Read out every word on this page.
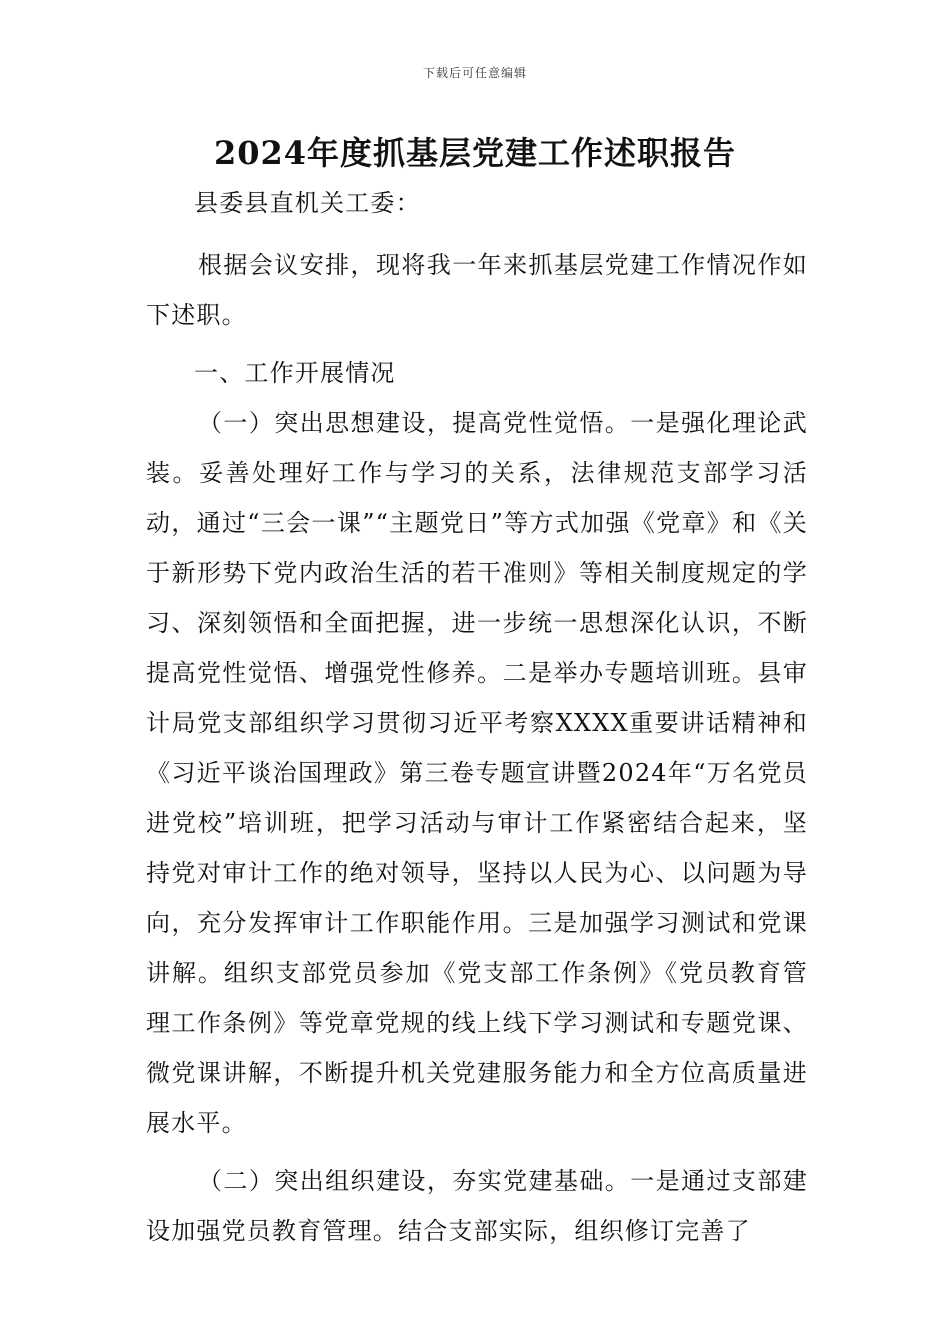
下载后可任意编辑
2024年度抓基层党建工作述职报告

县委县直机关工委：

根据会议安排，现将我一年来抓基层党建工作情况作如下述职。

一、工作开展情况

（一）突出思想建设，提高党性觉悟。一是强化理论武装。妥善处理好工作与学习的关系，法律规范支部学习活动，通过“三会一课”“主题党日”等方式加强《党章》和《关于新形势下党内政治生活的若干准则》等相关制度规定的学习、深刻领悟和全面把握，进一步统一思想深化认识，不断提高党性觉悟、增强党性修养。二是举办专题培训班。县审计局党支部组织学习贯彻习近平考察XXXX重要讲话精神和《习近平谈治国理政》第三卷专题宣讲暨2024年“万名党员进党校”培训班，把学习活动与审计工作紧密结合起来，坚持党对审计工作的绝对领导，坚持以人民为心、以问题为导向，充分发挥审计工作职能作用。三是加强学习测试和党课讲解。组织支部党员参加《党支部工作条例》《党员教育管理工作条例》等党章党规的线上线下学习测试和专题党课、微党课讲解，不断提升机关党建服务能力和全方位高质量进展水平。

（二）突出组织建设，夯实党建基础。一是通过支部建设加强党员教育管理。结合支部实际，组织修订完善了
